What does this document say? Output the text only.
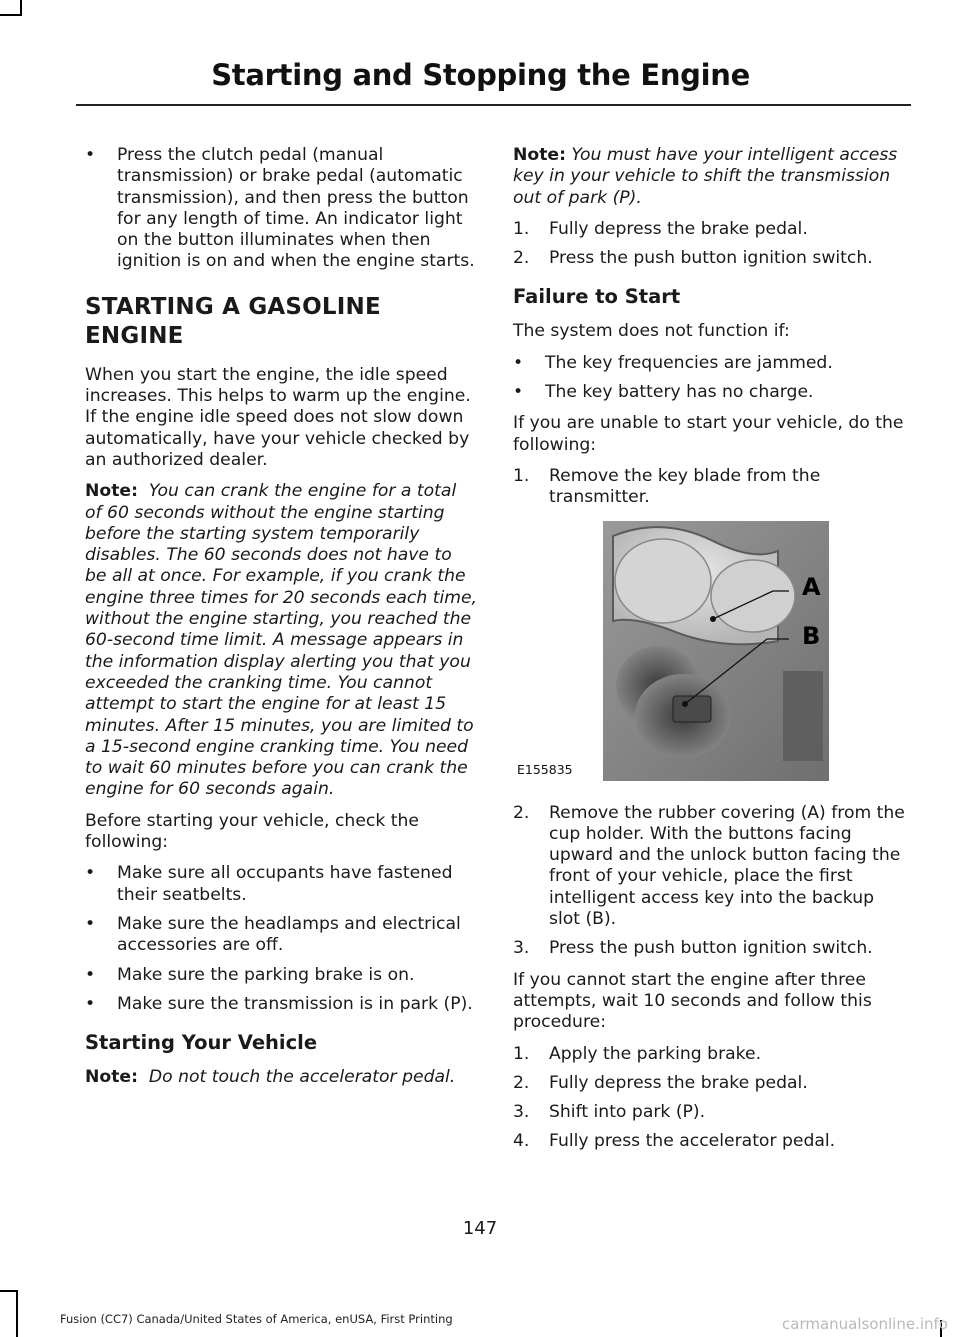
Starting and Stopping the Engine
• Press the clutch pedal (manual transmission) or brake pedal (automatic transmission), and then press the button for any length of time. An indicator light on the button illuminates when then ignition is on and when the engine starts.
STARTING A GASOLINE
ENGINE

When you start the engine, the idle speed increases. This helps to warm up the engine. If the engine idle speed does not slow down automatically, have your vehicle checked by an authorized dealer.

Note: You can crank the engine for a total of 60 seconds without the engine starting before the starting system temporarily disables. The 60 seconds does not have to be all at once. For example, if you crank the engine three times for 20 seconds each time, without the engine starting, you reached the 60-second time limit. A message appears in the information display alerting you that you exceeded the cranking time. You cannot attempt to start the engine for at least 15 minutes. After 15 minutes, you are limited to a 15-second engine cranking time. You need to wait 60 minutes before you can crank the engine for 60 seconds again.

Before starting your vehicle, check the following:

• Make sure all occupants have fastened their seatbelts.
• Make sure the headlamps and electrical accessories are off.
• Make sure the parking brake is on.
• Make sure the transmission is in park (P).
Starting Your Vehicle

Note: Do not touch the accelerator pedal.

Note: You must have your intelligent access key in your vehicle to shift the transmission out of park (P).

1. Fully depress the brake pedal.
2. Press the push button ignition switch.
Failure to Start

The system does not function if:

• The key frequencies are jammed.
• The key battery has no charge.

If you are unable to start your vehicle, do the following:

1. Remove the key blade from the transmitter.
A
B
E155835
2. Remove the rubber covering (A) from the cup holder. With the buttons facing upward and the unlock button facing the front of your vehicle, place the first intelligent access key into the backup slot (B).
3. Press the push button ignition switch.

If you cannot start the engine after three attempts, wait 10 seconds and follow this procedure:

1. Apply the parking brake.
2. Fully depress the brake pedal.
3. Shift into park (P).
4. Fully press the accelerator pedal.
147
Fusion (CC7) Canada/United States of America, enUSA, First Printing	carmanualsonline.info
